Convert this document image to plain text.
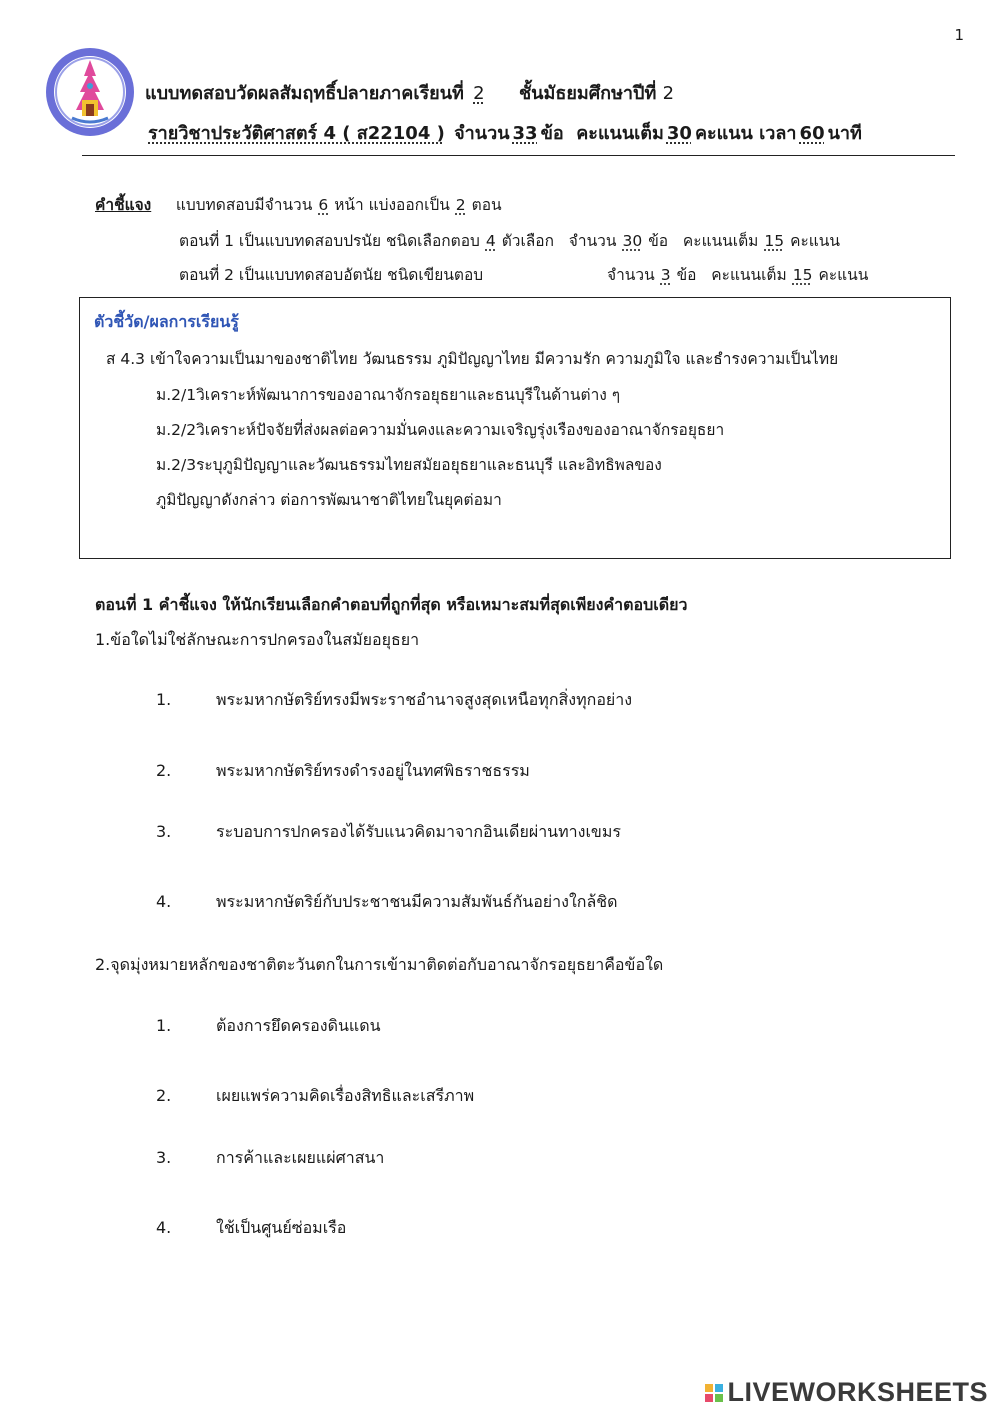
1
แบบทดสอบวัดผลสัมฤทธิ์ปลายภาคเรียนที่ 2 ชั้นมัธยมศึกษาปีที่ 2
รายวิชาประวัติศาสตร์ 4 ( ส22104 ) จำนวน 33 ข้อ คะแนนเต็ม 30 คะแนน เวลา 60 นาที
คำชี้แจง แบบทดสอบมีจำนวน 6 หน้า แบ่งออกเป็น 2 ตอน
ตอนที่ 1 เป็นแบบทดสอบปรนัย ชนิดเลือกตอบ 4 ตัวเลือก จำนวน 30 ข้อ คะแนนเต็ม 15 คะแนน
ตอนที่ 2 เป็นแบบทดสอบอัตนัย ชนิดเขียนตอบ	จำนวน 3 ข้อ คะแนนเต็ม 15 คะแนน
ตัวชี้วัด/ผลการเรียนรู้
ส 4.3 เข้าใจความเป็นมาของชาติไทย วัฒนธรรม ภูมิปัญญาไทย มีความรัก ความภูมิใจ และธำรงความเป็นไทย
ม.2/1วิเคราะห์พัฒนาการของอาณาจักรอยุธยาและธนบุรีในด้านต่าง ๆ
ม.2/2วิเคราะห์ปัจจัยที่ส่งผลต่อความมั่นคงและความเจริญรุ่งเรืองของอาณาจักรอยุธยา
ม.2/3ระบุภูมิปัญญาและวัฒนธรรมไทยสมัยอยุธยาและธนบุรี และอิทธิพลของ
ภูมิปัญญาดังกล่าว ต่อการพัฒนาชาติไทยในยุคต่อมา
ตอนที่ 1 คำชี้แจง ให้นักเรียนเลือกคำตอบที่ถูกที่สุด หรือเหมาะสมที่สุดเพียงคำตอบเดียว
1.ข้อใดไม่ใช่ลักษณะการปกครองในสมัยอยุธยา
1.	พระมหากษัตริย์ทรงมีพระราชอำนาจสูงสุดเหนือทุกสิ่งทุกอย่าง
2.	พระมหากษัตริย์ทรงดำรงอยู่ในทศพิธราชธรรม
3.	ระบอบการปกครองได้รับแนวคิดมาจากอินเดียผ่านทางเขมร
4.	พระมหากษัตริย์กับประชาชนมีความสัมพันธ์กันอย่างใกล้ชิด
2.จุดมุ่งหมายหลักของชาติตะวันตกในการเข้ามาติดต่อกับอาณาจักรอยุธยาคือข้อใด
1.	ต้องการยึดครองดินแดน
2.	เผยแพร่ความคิดเรื่องสิทธิและเสรีภาพ
3.	การค้าและเผยแผ่ศาสนา
4.	ใช้เป็นศูนย์ซ่อมเรือ
LIVEWORKSHEETS
